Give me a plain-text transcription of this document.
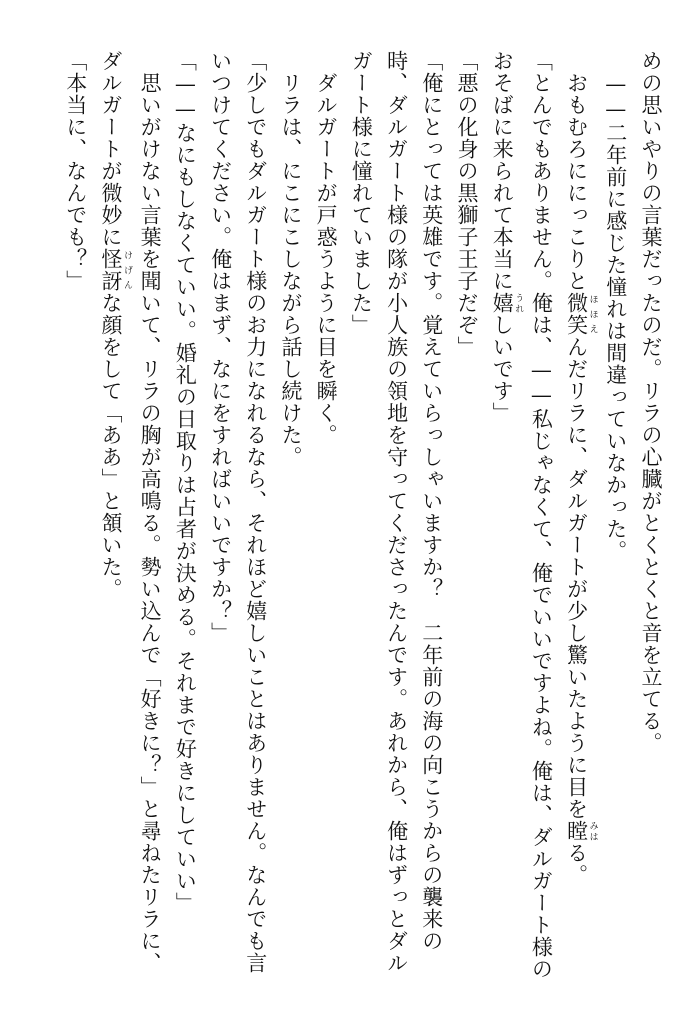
めの思いやりの言葉だったのだ。リラの心臓がとくとくと音を立てる。
　——二年前に感じた憧れは間違っていなかった。
　おもむろににっこりと微笑 ほほえんだリラに、ダルガートが少し驚いたように目を瞠 みはる。
「とんでもありません。俺は、——私じゃなくて、俺でいいですよね。俺は、ダルガート様の
おそばに来られて本当に嬉 うれしいです」
「悪の化身の黒獅子王子だぞ」
「俺にとっては英雄です。覚えていらっしゃいますか？　二年前の海の向こうからの襲来の
時、ダルガート様の隊が小人族の領地を守ってくださったんです。あれから、俺はずっとダル
ガート様に憧れていました」
　ダルガートが戸惑うように目を瞬く。
　リラは、にこにこしながら話し続けた。
「少しでもダルガート様のお力になれるなら、それほど嬉しいことはありません。なんでも言
いつけてください。俺はまず、なにをすればいいですか？」
「——なにもしなくていい。婚礼の日取りは占者が決める。それまで好きにしていい」
　思いがけない言葉を聞いて、リラの胸が高鳴る。勢い込んで「好きに？」と尋ねたリラに、
ダルガートが微妙に怪訝 けげんな顔をして「ああ」と頷いた。
「本当に、なんでも？」
